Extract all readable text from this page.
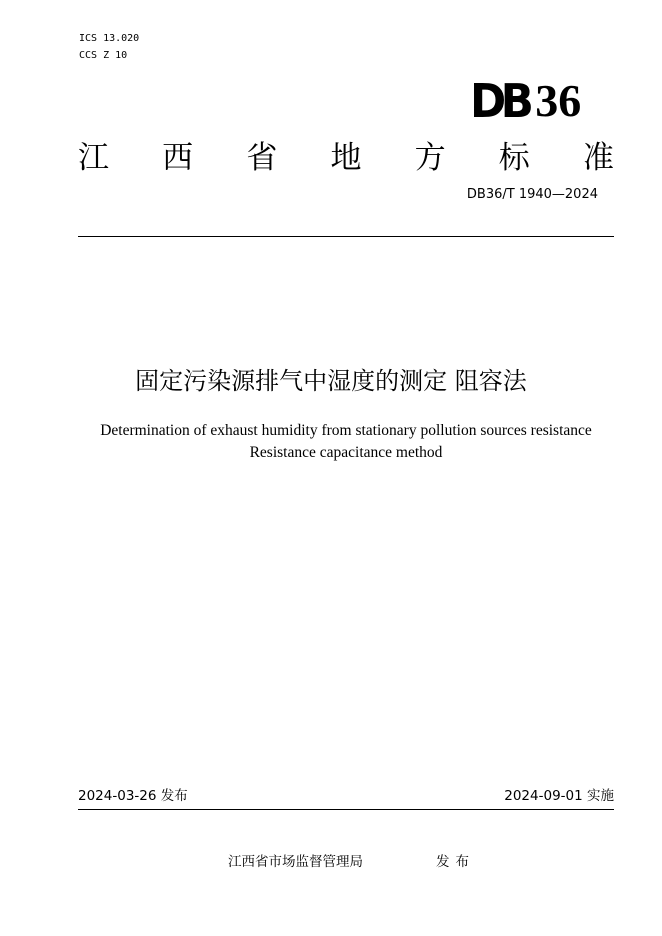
ICS 13.020
CCS Z 10
DB 36
江 西 省 地 方 标 准
DB36/T 1940—2024
固定污染源排气中湿度的测定 阻容法
Determination of exhaust humidity from stationary pollution sources resistance
Resistance capacitance method
2024-03-26 发布	2024-09-01 实施
江西省市场监督管理局	发布
